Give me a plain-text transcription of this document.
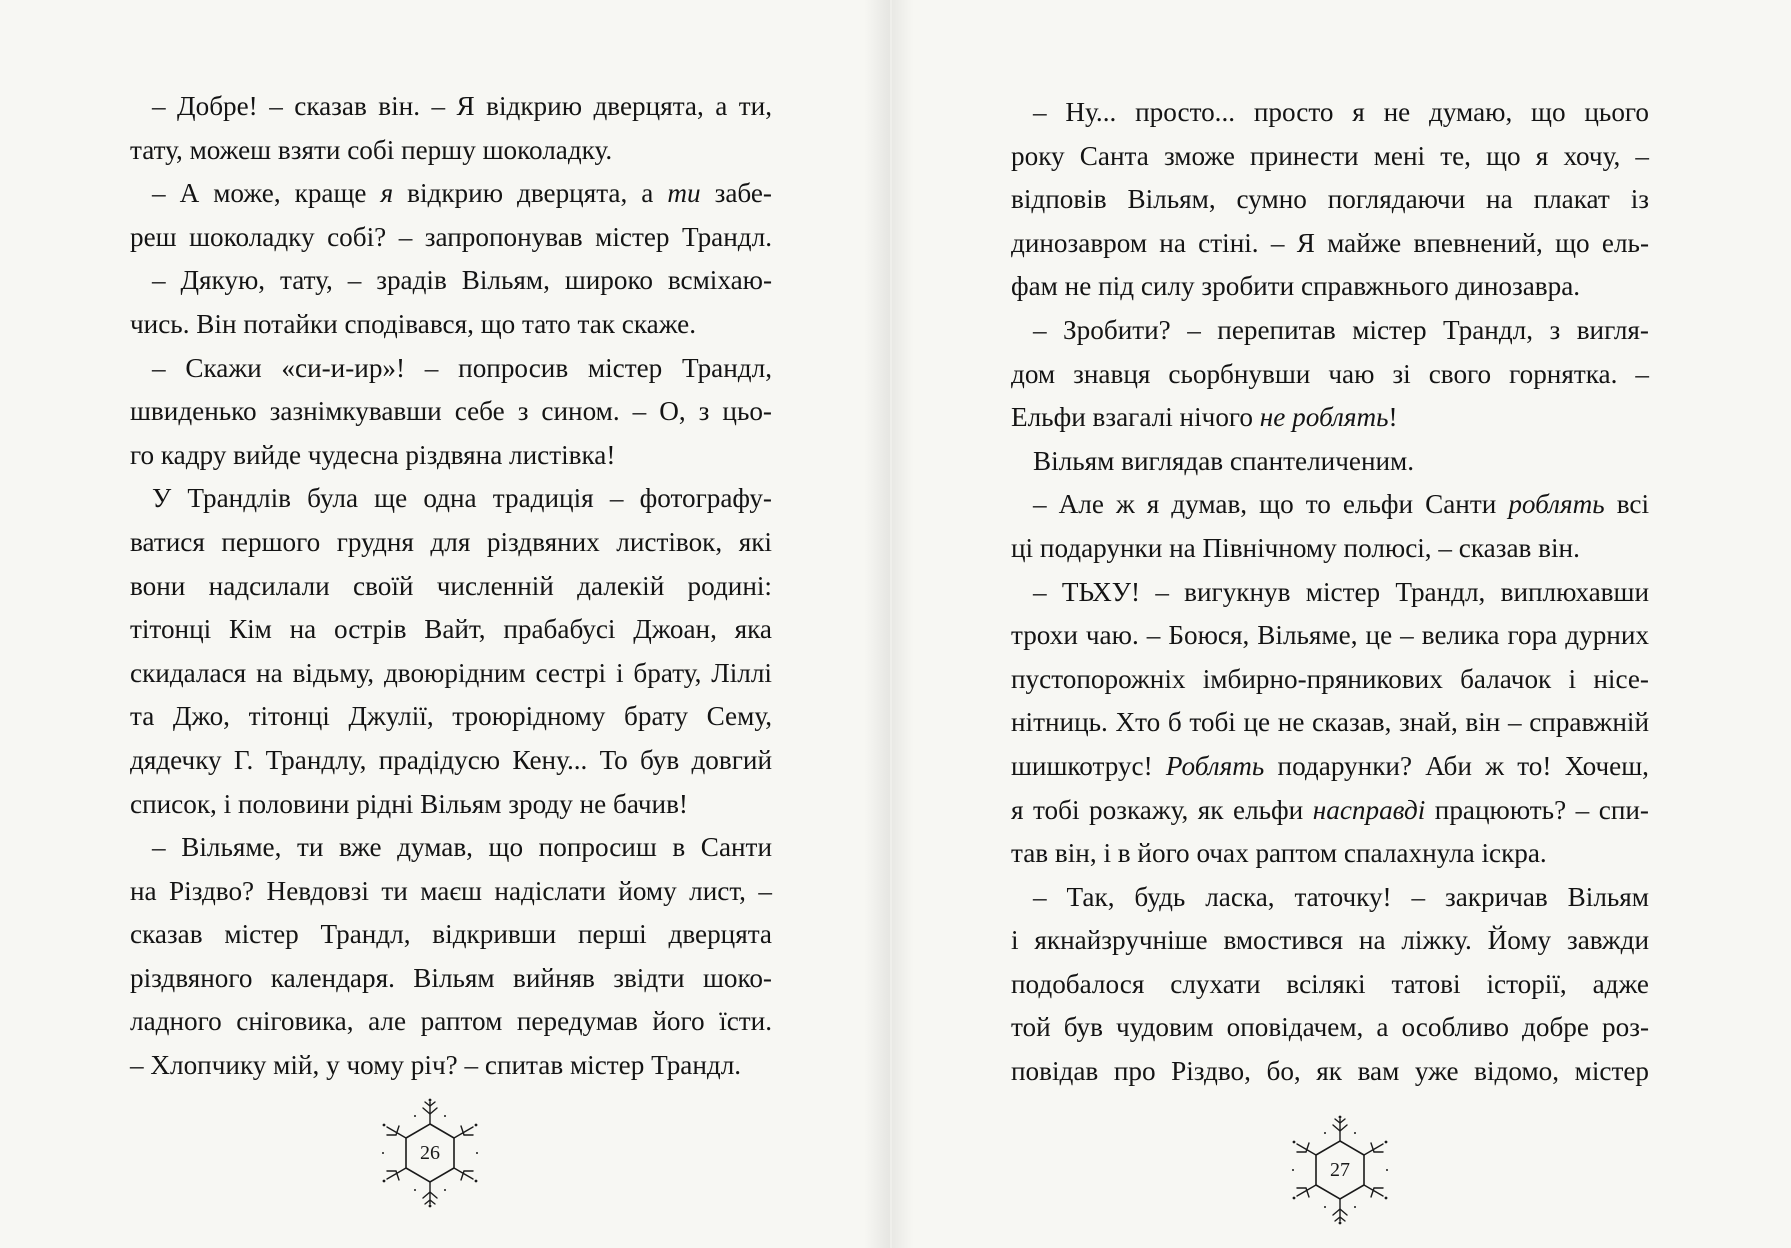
– Добре! – сказав він. – Я відкрию дверцята, а ти,
тату, можеш взяти собі першу шоколадку.
– А може, краще я відкрию дверцята, а ти забе-
реш шоколадку собі? – запропонував містер Трандл.
– Дякую, тату, – зрадів Вільям, широко всміхаю-
чись. Він потайки сподівався, що тато так скаже.
– Скажи «си-и-ир»! – попросив містер Трандл,
швиденько зазнімкувавши себе з сином. – О, з цьо-
го кадру вийде чудесна різдвяна листівка!
У Трандлів була ще одна традиція – фотографу-
ватися першого грудня для різдвяних листівок, які
вони надсилали своїй численній далекій родині:
тітонці Кім на острів Вайт, прабабусі Джоан, яка
скидалася на відьму, двоюрідним сестрі і брату, Ліллі
та Джо, тітонці Джулії, троюрідному брату Сему,
дядечку Г. Трандлу, прадідусю Кену... То був довгий
список, і половини рідні Вільям зроду не бачив!
– Вільяме, ти вже думав, що попросиш в Санти
на Різдво? Невдовзі ти маєш надіслати йому лист, –
сказав містер Трандл, відкривши перші дверцята
різдвяного календаря. Вільям вийняв звідти шоко-
ладного сніговика, але раптом передумав його їсти.
– Хлопчику мій, у чому річ? – спитав містер Трандл.
26
– Ну... просто... просто я не думаю, що цього
року Санта зможе принести мені те, що я хочу, –
відповів Вільям, сумно поглядаючи на плакат із
динозавром на стіні. – Я майже впевнений, що ель-
фам не під силу зробити справжнього динозавра.
– Зробити? – перепитав містер Трандл, з вигля-
дом знавця сьорбнувши чаю зі свого горнятка. –
Ельфи взагалі нічого не роблять!
Вільям виглядав спантеличеним.
– Але ж я думав, що то ельфи Санти роблять всі
ці подарунки на Північному полюсі, – сказав він.
– ТЬХУ! – вигукнув містер Трандл, виплюхавши
трохи чаю. – Боюся, Вільяме, це – велика гора дурних
пустопорожніх імбирно-пряникових балачок і нісе-
нітниць. Хто б тобі це не сказав, знай, він – справжній
шишкотрус! Роблять подарунки? Аби ж то! Хочеш,
я тобі розкажу, як ельфи насправді працюють? – спи-
тав він, і в його очах раптом спалахнула іскра.
– Так, будь ласка, таточку! – закричав Вільям
і якнайзручніше вмостився на ліжку. Йому завжди
подобалося слухати всілякі татові історії, адже
той був чудовим оповідачем, а особливо добре роз-
повідав про Різдво, бо, як вам уже відомо, містер
27
